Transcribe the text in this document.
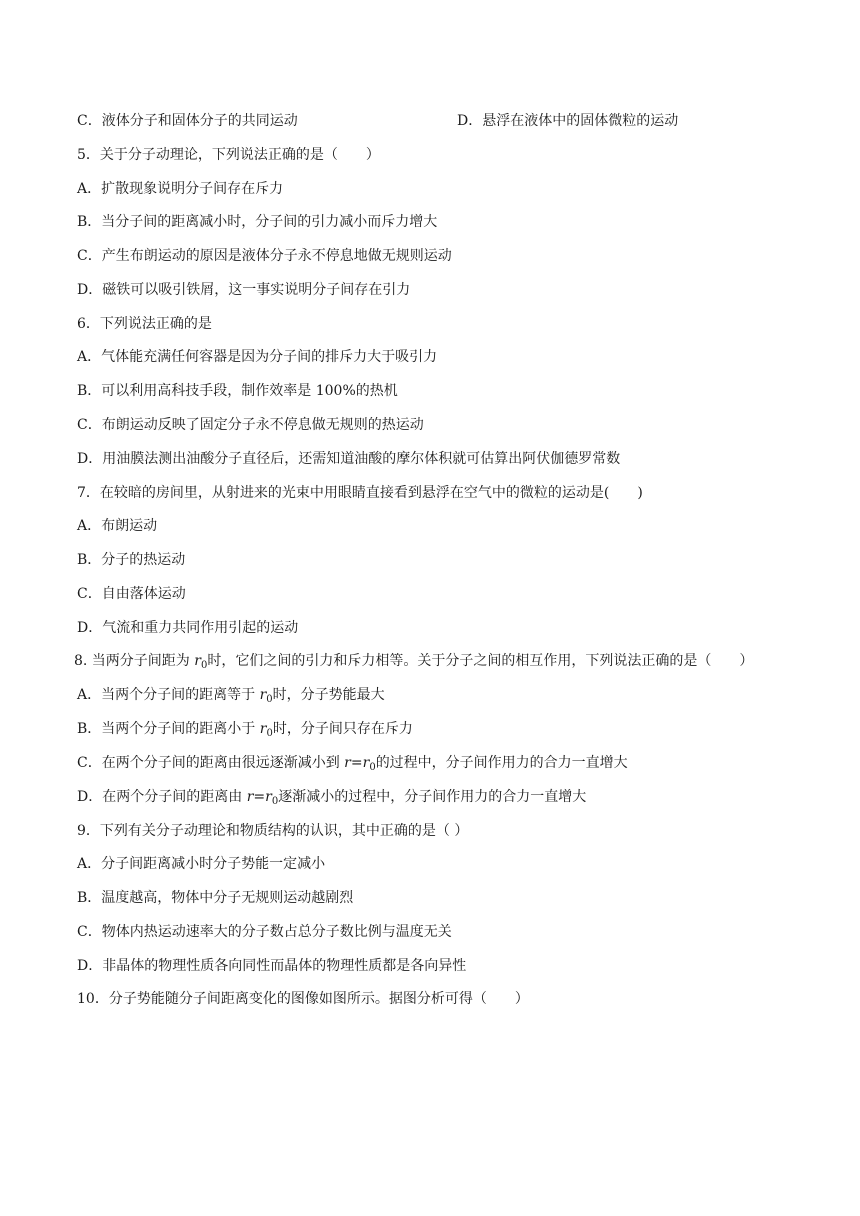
C．液体分子和固体分子的共同运动	D．悬浮在液体中的固体微粒的运动
5．关于分子动理论，下列说法正确的是（　　）
A．扩散现象说明分子间存在斥力
B．当分子间的距离减小时，分子间的引力减小而斥力增大
C．产生布朗运动的原因是液体分子永不停息地做无规则运动
D．磁铁可以吸引铁屑，这一事实说明分子间存在引力
6．下列说法正确的是
A．气体能充满任何容器是因为分子间的排斥力大于吸引力
B．可以利用高科技手段，制作效率是 100%的热机
C．布朗运动反映了固定分子永不停息做无规则的热运动
D．用油膜法测出油酸分子直径后，还需知道油酸的摩尔体积就可估算出阿伏伽德罗常数
7．在较暗的房间里，从射进来的光束中用眼睛直接看到悬浮在空气中的微粒的运动是(　　)
A．布朗运动
B．分子的热运动
C．自由落体运动
D．气流和重力共同作用引起的运动
8. 当两分子间距为 $r_0$时，它们之间的引力和斥力相等。关于分子之间的相互作用，下列说法正确的是（　　）
A．当两个分子间的距离等于 $r_0$时，分子势能最大
B．当两个分子间的距离小于 $r_0$时，分子间只存在斥力
C．在两个分子间的距离由很远逐渐减小到 $r=r_0$的过程中，分子间作用力的合力一直增大
D．在两个分子间的距离由 $r=r_0$逐渐减小的过程中，分子间作用力的合力一直增大
9．下列有关分子动理论和物质结构的认识，其中正确的是（ ）
A．分子间距离减小时分子势能一定减小
B．温度越高，物体中分子无规则运动越剧烈
C．物体内热运动速率大的分子数占总分子数比例与温度无关
D．非晶体的物理性质各向同性而晶体的物理性质都是各向异性
10．分子势能随分子间距离变化的图像如图所示。据图分析可得（　　）
